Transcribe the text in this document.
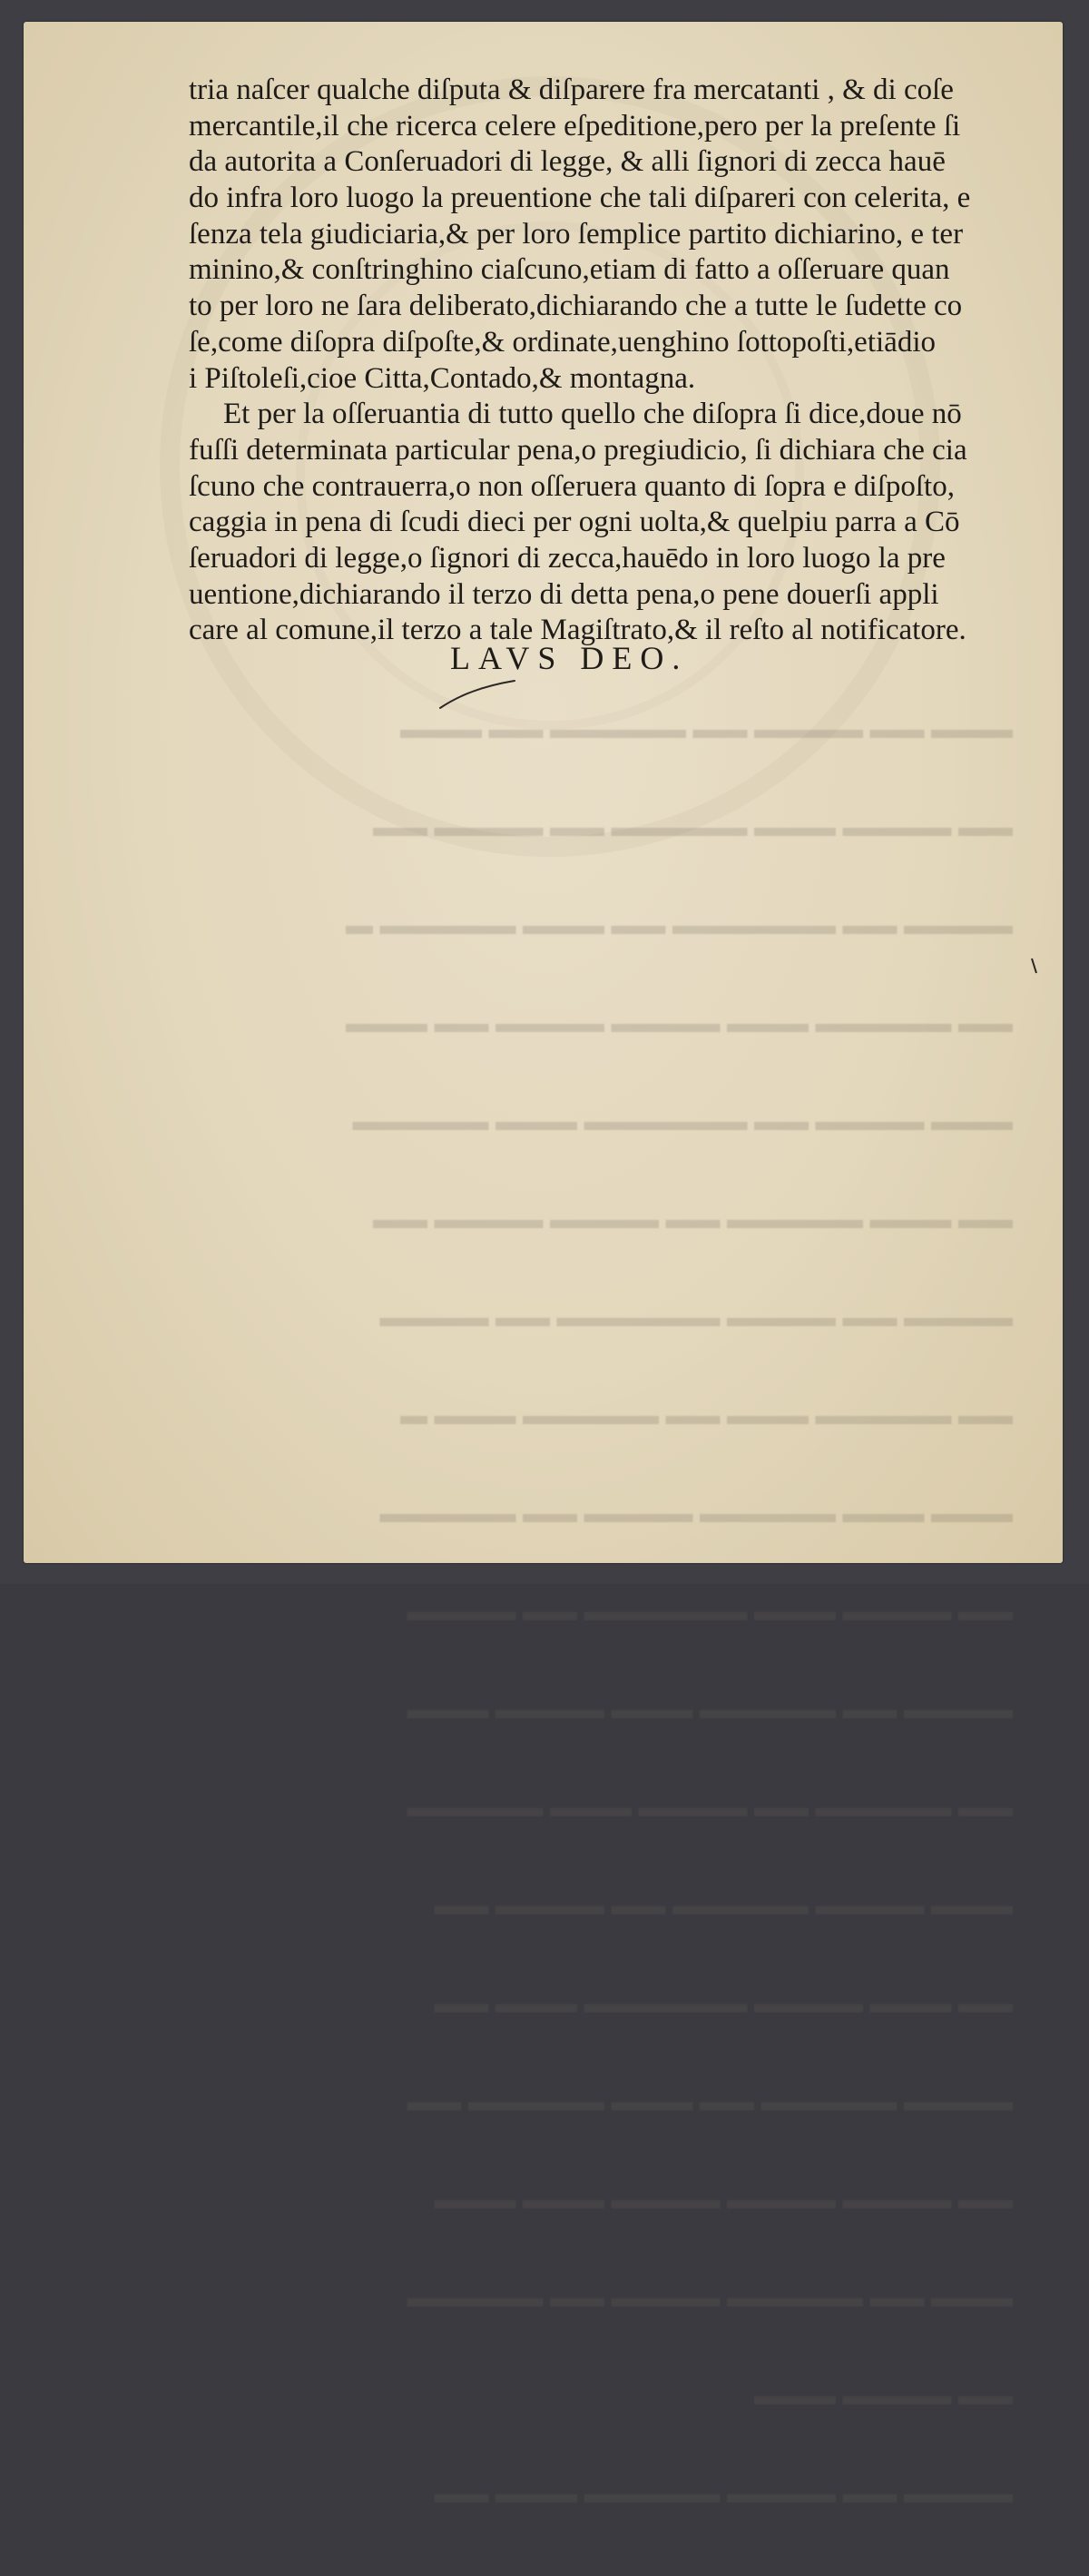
▬▬▬ ▬▬ ▬▬▬▬ ▬▬ ▬▬▬▬▬ ▬▬ ▬▬▬

▬▬ ▬▬▬▬ ▬▬▬ ▬▬▬▬▬ ▬▬ ▬▬▬▬ ▬▬

▬▬▬▬ ▬▬ ▬▬▬▬▬▬ ▬▬ ▬▬▬ ▬▬▬▬▬ ▬

▬▬ ▬▬▬▬▬ ▬▬▬ ▬▬▬▬ ▬▬▬▬ ▬▬ ▬▬▬

▬▬▬ ▬▬▬▬ ▬▬ ▬▬▬▬▬▬ ▬▬▬ ▬▬▬▬▬

▬▬ ▬▬▬ ▬▬▬▬▬ ▬▬ ▬▬▬▬ ▬▬▬▬ ▬▬

▬▬▬▬ ▬▬ ▬▬▬▬ ▬▬▬▬▬▬ ▬▬ ▬▬▬▬

▬▬ ▬▬▬▬▬ ▬▬▬ ▬▬ ▬▬▬▬▬ ▬▬▬ ▬

▬▬▬ ▬▬▬ ▬▬▬▬▬ ▬▬▬▬ ▬▬ ▬▬▬▬▬

▬▬ ▬▬▬▬ ▬▬▬ ▬▬▬▬▬▬ ▬▬ ▬▬▬▬

▬▬▬▬ ▬▬ ▬▬▬▬▬ ▬▬▬ ▬▬▬▬ ▬▬▬

▬▬ ▬▬▬▬▬ ▬▬ ▬▬▬▬ ▬▬▬ ▬▬▬▬▬

▬▬▬ ▬▬▬▬ ▬▬▬▬▬ ▬▬ ▬▬▬▬ ▬▬

▬▬ ▬▬▬ ▬▬▬▬ ▬▬▬▬▬▬ ▬▬▬ ▬▬

▬▬▬▬ ▬▬▬▬▬ ▬▬ ▬▬▬ ▬▬▬▬▬ ▬▬

▬▬ ▬▬▬▬ ▬▬▬▬ ▬▬▬▬ ▬▬▬ ▬▬▬

▬▬▬ ▬▬ ▬▬▬▬▬ ▬▬▬▬ ▬▬ ▬▬▬▬▬

▬▬ ▬▬▬▬ ▬▬▬

▬▬▬▬ ▬▬ ▬▬▬▬ ▬▬▬▬▬ ▬▬▬ ▬▬

tria naſcer qualche diſputa & diſparere fra mercatanti , & di coſe
mercantile,il che ricerca celere eſpeditione,pero per la preſente ſi
da autorita a Conſeruadori di legge, & alli ſignori di zecca hauē
do infra loro luogo la preuentione che tali diſpareri con celerita, e
ſenza tela giudiciaria,& per loro ſemplice partito dichiarino, e ter
minino,& conſtringhino ciaſcuno,etiam di fatto a oſſeruare quan
to per loro ne ſara deliberato,dichiarando che a tutte le ſudette co
ſe,come diſopra diſpoſte,& ordinate,uenghino ſottopoſti,etiādio
i Piſtoleſi,cioe Citta,Contado,& montagna.
Et per la oſſeruantia di tutto quello che diſopra ſi dice,doue nō
fuſſi determinata particular pena,o pregiudicio, ſi dichiara che cia
ſcuno che contrauerra,o non oſſeruera quanto di ſopra e diſpoſto,
caggia in pena di ſcudi dieci per ogni uolta,& quelpiu parra a Cō
ſeruadori di legge,o ſignori di zecca,hauēdo in loro luogo la pre
uentione,dichiarando il terzo di detta pena,o pene douerſi appli
care al comune,il terzo a tale Magiſtrato,& il reſto al notificatore.
LAVS DEO.
